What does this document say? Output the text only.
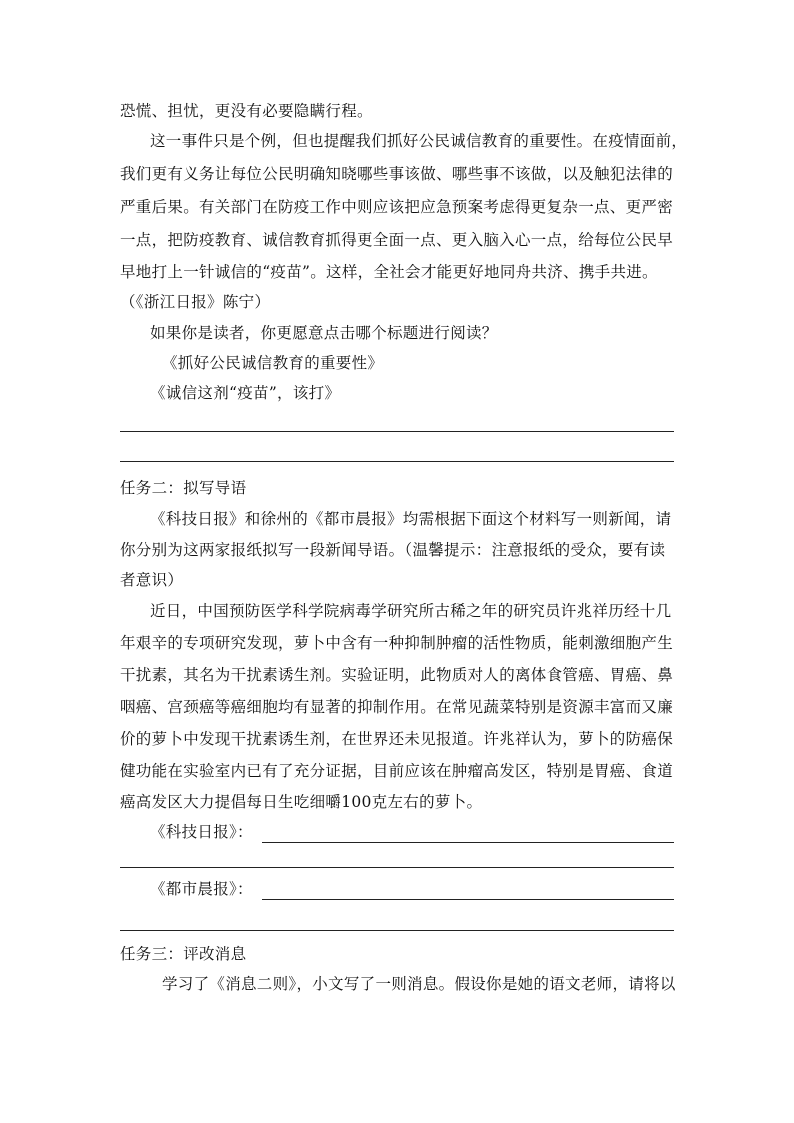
恐慌、担忧，更没有必要隐瞒行程。
这一事件只是个例，但也提醒我们抓好公民诚信教育的重要性。在疫情面前，
我们更有义务让每位公民明确知晓哪些事该做、哪些事不该做，以及触犯法律的
严重后果。有关部门在防疫工作中则应该把应急预案考虑得更复杂一点、更严密
一点，把防疫教育、诚信教育抓得更全面一点、更入脑入心一点，给每位公民早
早地打上一针诚信的“疫苗”。这样，全社会才能更好地同舟共济、携手共进。
（《浙江日报》陈宁）
如果你是读者，你更愿意点击哪个标题进行阅读？
《抓好公民诚信教育的重要性》
《诚信这剂“疫苗”，该打》
任务二：拟写导语
《科技日报》和徐州的《都市晨报》均需根据下面这个材料写一则新闻，请
你分别为这两家报纸拟写一段新闻导语。（温馨提示：注意报纸的受众，要有读
者意识）
近日，中国预防医学科学院病毒学研究所古稀之年的研究员许兆祥历经十几
年艰辛的专项研究发现，萝卜中含有一种抑制肿瘤的活性物质，能刺激细胞产生
干扰素，其名为干扰素诱生剂。实验证明，此物质对人的离体食管癌、胃癌、鼻
咽癌、宫颈癌等癌细胞均有显著的抑制作用。在常见蔬菜特别是资源丰富而又廉
价的萝卜中发现干扰素诱生剂，在世界还未见报道。许兆祥认为，萝卜的防癌保
健功能在实验室内已有了充分证据，目前应该在肿瘤高发区，特别是胃癌、食道
癌高发区大力提倡每日生吃细嚼100克左右的萝卜。
《科技日报》：
《都市晨报》：
任务三：评改消息
学习了《消息二则》，小文写了一则消息。假设你是她的语文老师，请将以
